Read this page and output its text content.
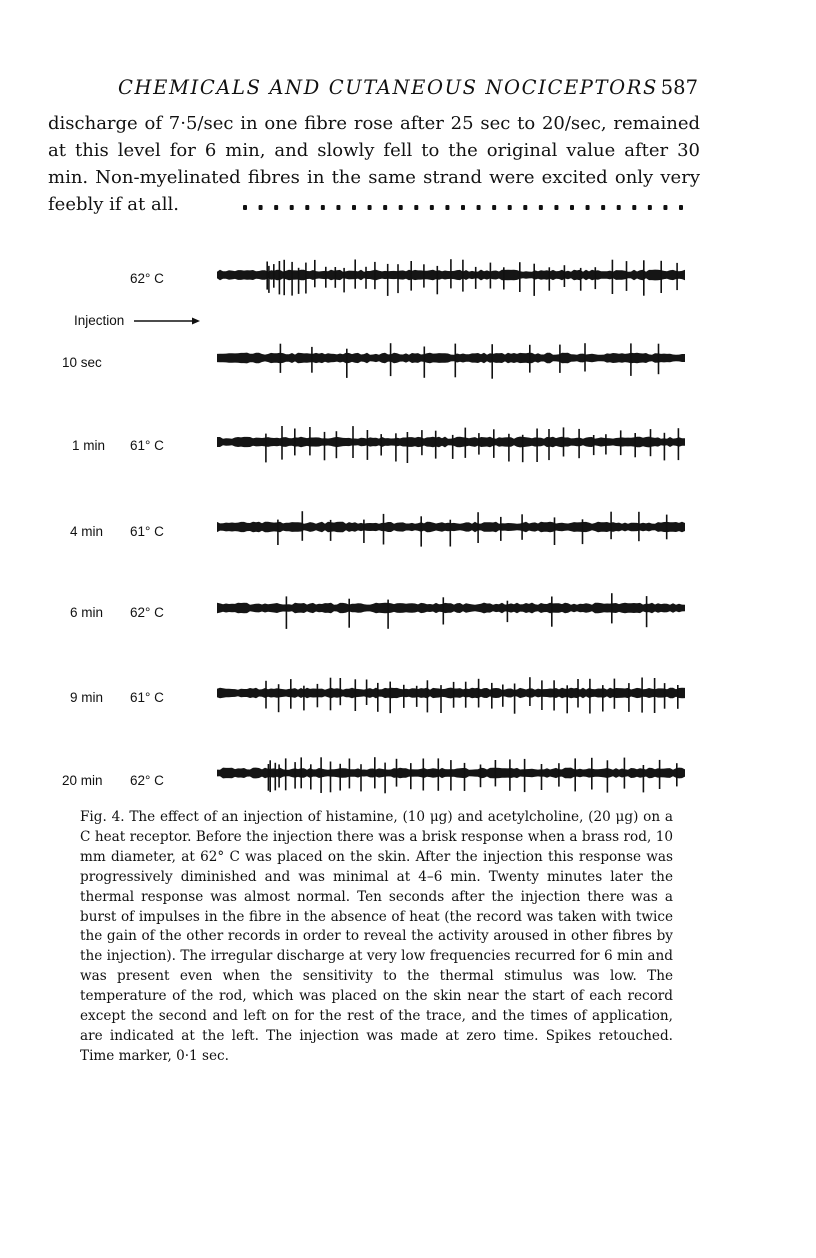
CHEMICALS AND CUTANEOUS NOCICEPTORS 587

discharge of 7·5/sec in one fibre rose after 25 sec to 20/sec, remained at this level for 6 min, and slowly fell to the original value after 30 min. Non-myelinated fibres in the same strand were excited only very feebly if at all.

Injection
62° C
10 sec
1 min 61° C
4 min 61° C
6 min 62° C
9 min 61° C
20 min 62° C

Fig. 4. The effect of an injection of histamine, (10 μg) and acetylcholine, (20 μg) on a C heat receptor. Before the injection there was a brisk response when a brass rod, 10 mm diameter, at 62° C was placed on the skin. After the injection this response was progressively diminished and was minimal at 4–6 min. Twenty minutes later the thermal response was almost normal. Ten seconds after the injection there was a burst of impulses in the fibre in the absence of heat (the record was taken with twice the gain of the other records in order to reveal the activity aroused in other fibres by the injection). The irregular discharge at very low frequencies recurred for 6 min and was present even when the sensitivity to the thermal stimulus was low. The temperature of the rod, which was placed on the skin near the start of each record except the second and left on for the rest of the trace, and the times of application, are indicated at the left. The injection was made at zero time. Spikes retouched. Time marker, 0·1 sec.
